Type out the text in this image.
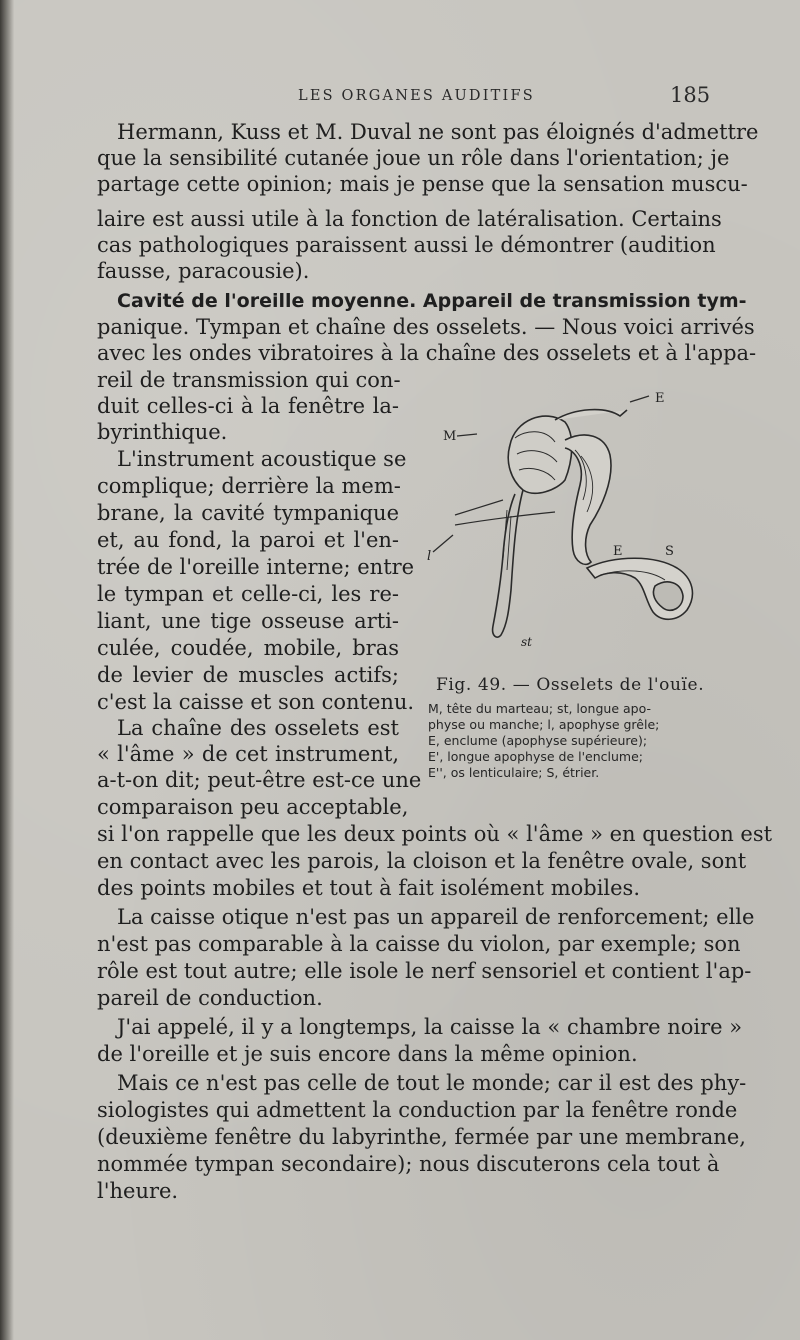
LES ORGANES AUDITIFS	185
Hermann, Kuss et M. Duval ne sont pas éloignés d'admettre
que la sensibilité cutanée joue un rôle dans l'orientation; je
partage cette opinion; mais je pense que la sensation muscu-
laire est aussi utile à la fonction de latéralisation. Certains
cas pathologiques paraissent aussi le démontrer (audition
fausse, paracousie).
Cavité de l'oreille moyenne. Appareil de transmission tym-
panique. Tympan et chaîne des osselets. — Nous voici arrivés
avec les ondes vibratoires à la chaîne des osselets et à l'appa-
reil de transmission qui con-
duit celles-ci à la fenêtre la-
byrinthique.
L'instrument acoustique se
complique; derrière la mem-
brane, la cavité tympanique
et, au fond, la paroi et l'en-
trée de l'oreille interne; entre
le tympan et celle-ci, les re-
liant, une tige osseuse arti-
culée, coudée, mobile, bras
de levier de muscles actifs;
c'est la caisse et son contenu.
La chaîne des osselets est
« l'âme » de cet instrument,
a-t-on dit; peut-être est-ce une
comparaison peu acceptable,
si l'on rappelle que les deux points où « l'âme » en question est
en contact avec les parois, la cloison et la fenêtre ovale, sont
des points mobiles et tout à fait isolément mobiles.
La caisse otique n'est pas un appareil de renforcement; elle
n'est pas comparable à la caisse du violon, par exemple; son
rôle est tout autre; elle isole le nerf sensoriel et contient l'ap-
pareil de conduction.
J'ai appelé, il y a longtemps, la caisse la « chambre noire »
de l'oreille et je suis encore dans la même opinion.
Mais ce n'est pas celle de tout le monde; car il est des phy-
siologistes qui admettent la conduction par la fenêtre ronde
(deuxième fenêtre du labyrinthe, fermée par une membrane,
nommée tympan secondaire); nous discuterons cela tout à
l'heure.
E
M
l	E	S
st
Fig. 49. — Osselets de l'ouïe.
M, tête du marteau; st, longue apo-
physe ou manche; l, apophyse grêle;
E, enclume (apophyse supérieure);
E', longue apophyse de l'enclume;
E'', os lenticulaire; S, étrier.
